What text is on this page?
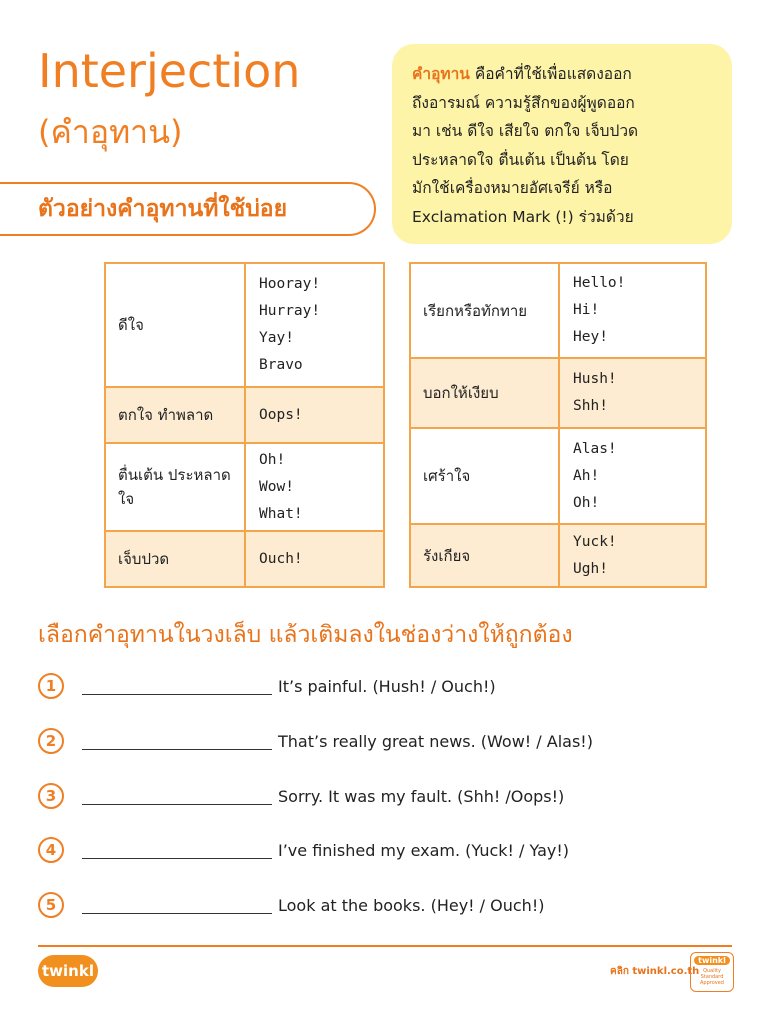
Interjection
(คำอุทาน)
ตัวอย่างคำอุทานที่ใช้บ่อย
คำอุทาน คือคำที่ใช้เพื่อแสดงออก
ถึงอารมณ์ ความรู้สึกของผู้พูดออก
มา เช่น ดีใจ เสียใจ ตกใจ เจ็บปวด
ประหลาดใจ ตื่นเต้น เป็นต้น โดย
มักใช้เครื่องหมายอัศเจรีย์ หรือ
Exclamation Mark (!) ร่วมด้วย
ดีใจ	Hooray!
Hurray!
Yay!
Bravo

ตกใจ ทำพลาด	Oops!

ตื่นเต้น ประหลาดใจ	Oh!
Wow!
What!

เจ็บปวด	Ouch!
เรียกหรือทักทาย	Hello!
Hi!
Hey!

บอกให้เงียบ	Hush!
Shh!

เศร้าใจ	Alas!
Ah!
Oh!

รังเกียจ	Yuck!
Ugh!
เลือกคำอุทานในวงเล็บ แล้วเติมลงในช่องว่างให้ถูกต้อง
1	It’s painful. (Hush! / Ouch!)
2	That’s really great news. (Wow! / Alas!)
3	Sorry. It was my fault. (Shh! /Oops!)
4	I’ve finished my exam. (Yuck! / Yay!)
5	Look at the books. (Hey! / Ouch!)
twinkl	คลิก twinkl.co.th
twinkl
Quality Standard Approved
